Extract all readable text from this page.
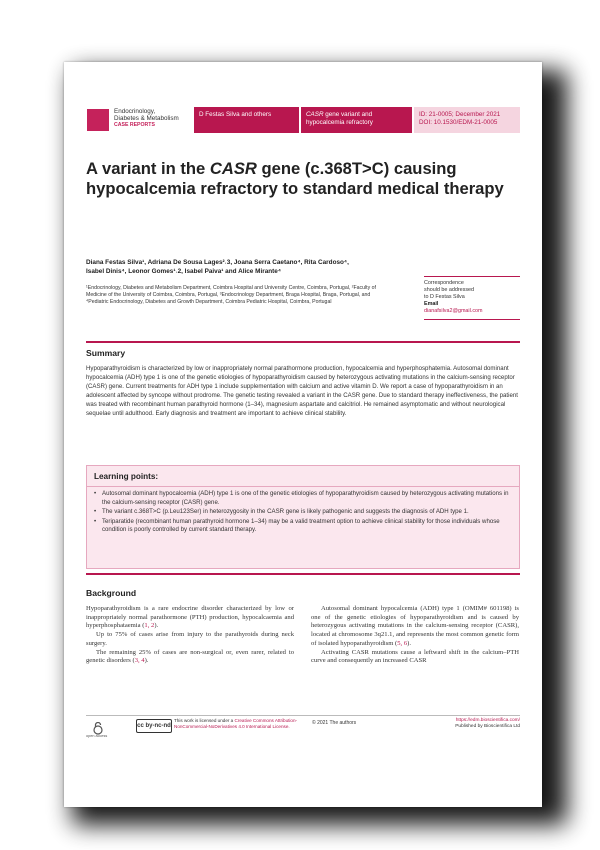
Endocrinology,
Diabetes & Metabolism
CASE REPORTS
D Festas Silva and others	CASR gene variant and hypocalcemia refractory
ID: 21-0005; December 2021
DOI: 10.1530/EDM-21-0005
A variant in the CASR gene (c.368T>C) causing hypocalcemia refractory to standard medical therapy
Diana Festas Silva¹, Adriana De Sousa Lages²˒3, Joana Serra Caetano⁴, Rita Cardoso⁴,
Isabel Dinis⁴, Leonor Gomes¹˒2, Isabel Paiva¹ and Alice Mirante⁴
¹Endocrinology, Diabetes and Metabolism Department, Coimbra Hospital and University Centre, Coimbra, Portugal, ²Faculty of Medicine of the University of Coimbra, Coimbra, Portugal, ³Endocrinology Department, Braga Hospital, Braga, Portugal, and ⁴Pediatric Endocrinology, Diabetes and Growth Department, Coimbra Pediatric Hospital, Coimbra, Portugal
Correspondence
should be addressed
to D Festas Silva
Email
dianafsilva2@gmail.com
Summary
Hypoparathyroidism is characterized by low or inappropriately normal parathormone production, hypocalcemia and hyperphosphatemia. Autosomal dominant hypocalcemia (ADH) type 1 is one of the genetic etiologies of hypoparathyroidism caused by heterozygous activating mutations in the calcium-sensing receptor (CASR) gene. Current treatments for ADH type 1 include supplementation with calcium and active vitamin D. We report a case of hypoparathyroidism in an adolescent affected by syncope without prodrome. The genetic testing revealed a variant in the CASR gene. Due to standard therapy ineffectiveness, the patient was treated with recombinant human parathyroid hormone (1–34), magnesium aspartate and calcitriol. He remained asymptomatic and without neurological sequelae until adulthood. Early diagnosis and treatment are important to achieve clinical stability.
Learning points:
• Autosomal dominant hypocalcemia (ADH) type 1 is one of the genetic etiologies of hypoparathyroidism caused by heterozygous activating mutations in the calcium-sensing receptor (CASR) gene.
• The variant c.368T>C (p.Leu123Ser) in heterozygosity in the CASR gene is likely pathogenic and suggests the diagnosis of ADH type 1.
• Teriparatide (recombinant human parathyroid hormone 1–34) may be a valid treatment option to achieve clinical stability for those individuals whose condition is poorly controlled by current standard therapy.
Background

Hypoparathyroidism is a rare endocrine disorder characterized by low or inappropriately normal parathormone (PTH) production, hypocalcaemia and hyperphosphataemia (1, 2).

Up to 75% of cases arise from injury to the parathyroids during neck surgery.

The remaining 25% of cases are non-surgical or, even rarer, related to genetic disorders (3, 4).

Autosomal dominant hypocalcemia (ADH) type 1 (OMIM# 601198) is one of the genetic etiologies of hypoparathyroidism and is caused by heterozygous activating mutations in the calcium-sensing receptor (CASR), located at chromosome 3q21.1, and represents the most common genetic form of isolated hypoparathyroidism (5, 6).

Activating CASR mutations cause a leftward shift in the calcium–PTH curve and consequently an increased CASR

open access
cc by-nc-nd
This work is licensed under a Creative Commons Attribution-NonCommercial-NoDerivatives 4.0 International License.
© 2021 The authors	https://edm.bioscientifica.com/
Published by Bioscientifica Ltd
